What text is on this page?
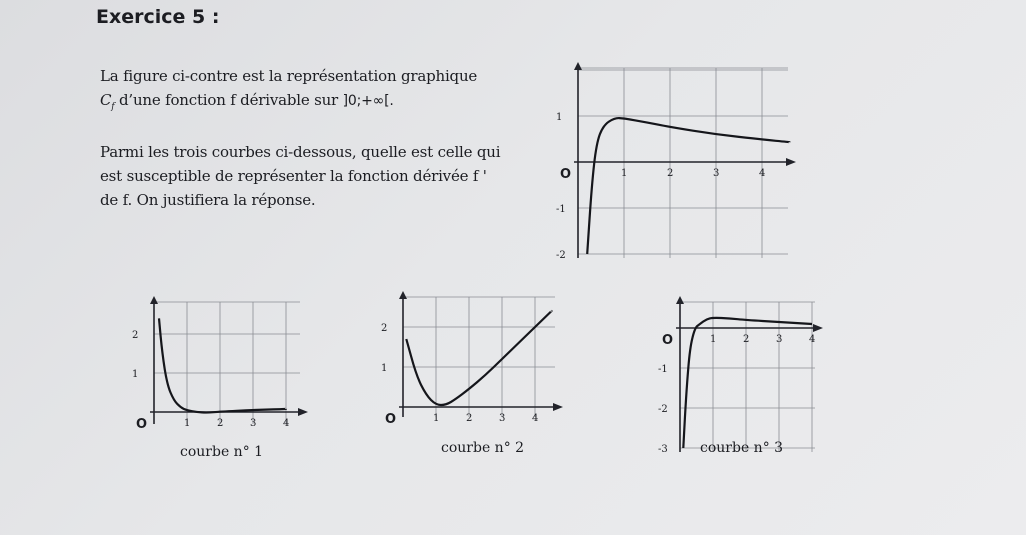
Exercice 5 :
La figure ci-contre est la représentation graphique
$C_f$ d’une fonction f dérivable sur ]0;+∞[.
Parmi les trois courbes ci-dessous, quelle est celle qui
est susceptible de représenter la fonction dérivée f '
de f. On justifiera la réponse.
O	1	2	3	4
1
-1
-2
O	1	2	3	4
1
2
O	1	2	3	4
1
2
O	1	2	3	4
-1
-2
-3
courbe n° 1	courbe n° 2	courbe n° 3
